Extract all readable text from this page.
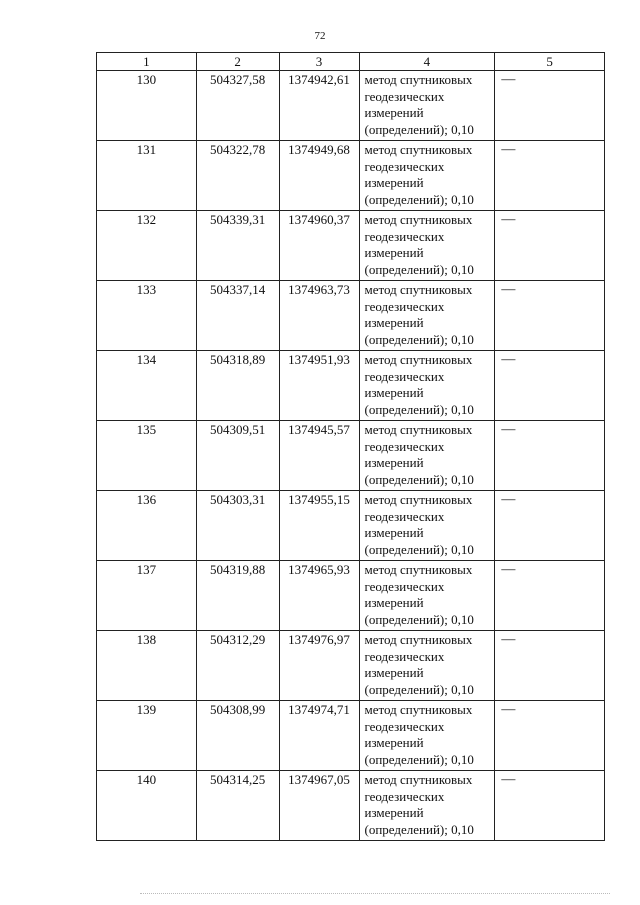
72
1	2	3	4	5
130	504327,58	1374942,61	метод спутниковых
геодезических
измерений
(определений); 0,10	—
131	504322,78	1374949,68	метод спутниковых
геодезических
измерений
(определений); 0,10	—
132	504339,31	1374960,37	метод спутниковых
геодезических
измерений
(определений); 0,10	—
133	504337,14	1374963,73	метод спутниковых
геодезических
измерений
(определений); 0,10	—
134	504318,89	1374951,93	метод спутниковых
геодезических
измерений
(определений); 0,10	—
135	504309,51	1374945,57	метод спутниковых
геодезических
измерений
(определений); 0,10	—
136	504303,31	1374955,15	метод спутниковых
геодезических
измерений
(определений); 0,10	—
137	504319,88	1374965,93	метод спутниковых
геодезических
измерений
(определений); 0,10	—
138	504312,29	1374976,97	метод спутниковых
геодезических
измерений
(определений); 0,10	—
139	504308,99	1374974,71	метод спутниковых
геодезических
измерений
(определений); 0,10	—
140	504314,25	1374967,05	метод спутниковых
геодезических
измерений
(определений); 0,10	—
